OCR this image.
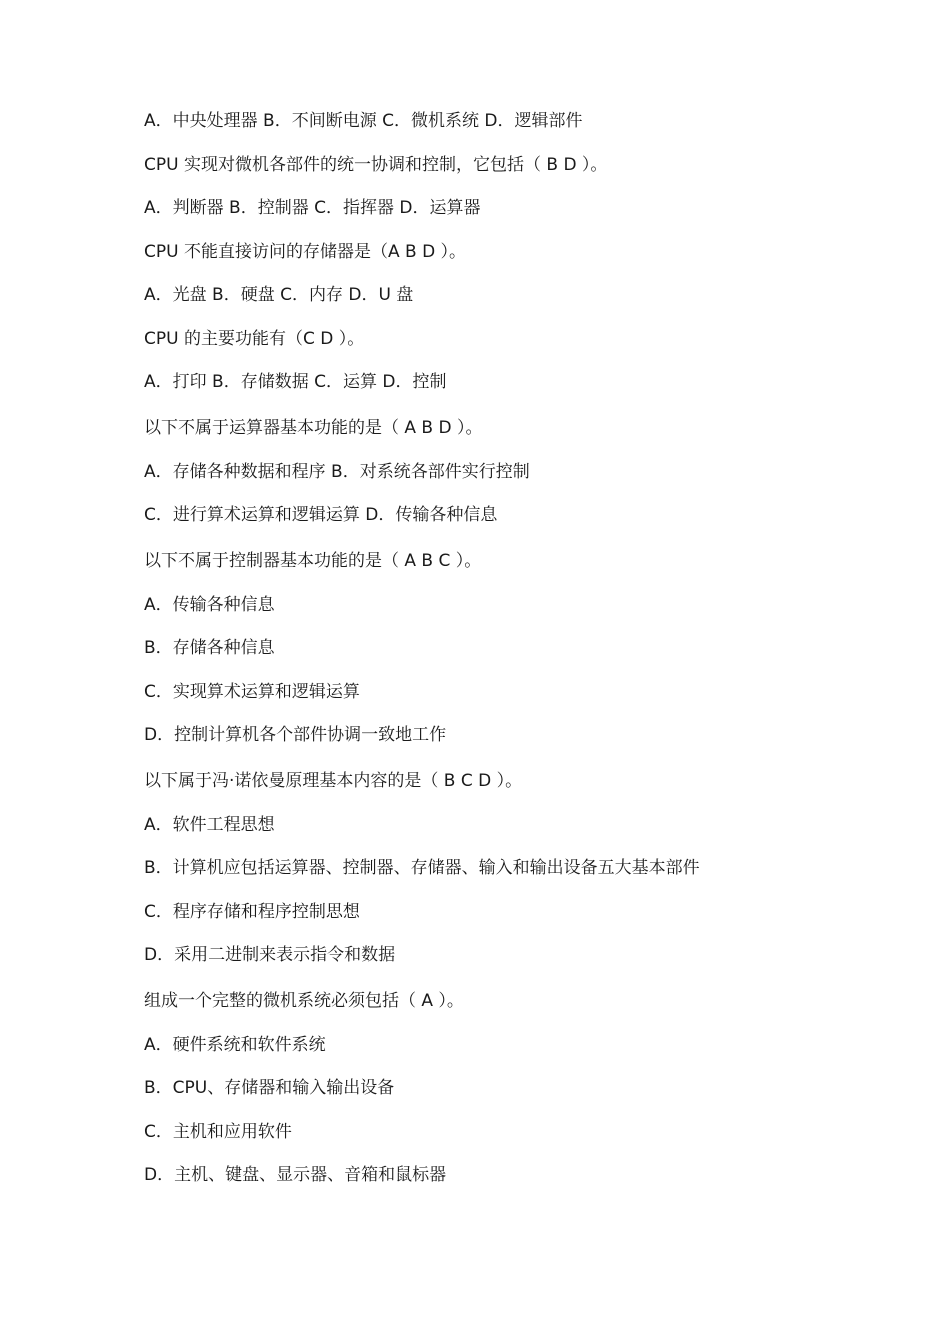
A．中央处理器 B．不间断电源 C．微机系统 D．逻辑部件
CPU 实现对微机各部件的统一协调和控制，它包括（ B D ）。
A．判断器 B．控制器 C．指挥器 D．运算器
CPU 不能直接访问的存储器是（A B D ）。
A．光盘 B．硬盘 C．内存 D．U 盘
CPU 的主要功能有（C D ）。
A．打印 B．存储数据 C．运算 D．控制
以下不属于运算器基本功能的是（ A B D ）。
A．存储各种数据和程序 B．对系统各部件实行控制
C．进行算术运算和逻辑运算 D．传输各种信息
以下不属于控制器基本功能的是（ A B C ）。
A．传输各种信息
B．存储各种信息
C．实现算术运算和逻辑运算
D．控制计算机各个部件协调一致地工作
以下属于冯·诺依曼原理基本内容的是（ B C D ）。
A．软件工程思想
B．计算机应包括运算器、控制器、存储器、输入和输出设备五大基本部件
C．程序存储和程序控制思想
D．采用二进制来表示指令和数据
组成一个完整的微机系统必须包括（ A ）。
A．硬件系统和软件系统
B．CPU、存储器和输入输出设备
C．主机和应用软件
D．主机、键盘、显示器、音箱和鼠标器
